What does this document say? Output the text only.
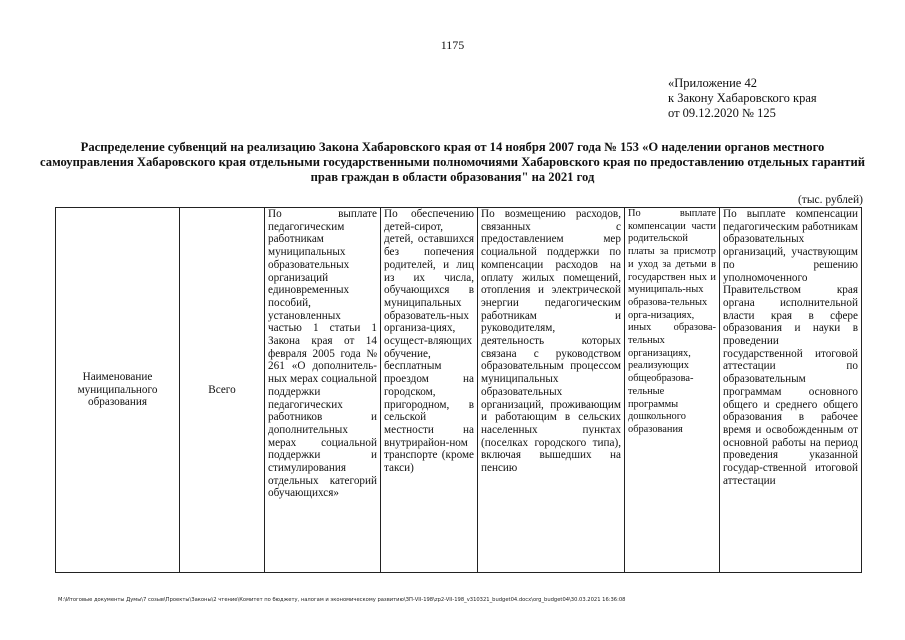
1175
«Приложение 42
к Закону Хабаровского края
от 09.12.2020 № 125
Распределение субвенций на реализацию Закона Хабаровского края от 14 ноября 2007 года № 153 «О наделении органов местного самоуправления Хабаровского края отдельными государственными полномочиями Хабаровского края по предоставлению отдельных гарантий прав граждан в области образования" на 2021 год
(тыс. рублей)
Наименование муниципального образования	Всего	По выплате педагогическим работникам муниципальных образовательных организаций единовременных пособий, установленных частью 1 статьи 1 Закона края от 14 февраля 2005 года № 261 «О дополнитель-ных мерах социальной поддержки педагогических работников и дополнительных мерах социальной поддержки и стимулирования отдельных категорий обучающихся»	По обеспечению детей-сирот, детей, оставшихся без попечения родителей, и лиц из их числа, обучающихся в муниципальных образователь-ных организа-циях, осущест-вляющих обучение, бесплатным проездом на городском, пригородном, в сельской местности на внутрирайон-ном транспорте (кроме такси)	По возмещению расходов, связанных с предоставлением мер социальной поддержки по компенсации расходов на оплату жилых помещений, отопления и электрической энергии педагогическим работникам и руководителям, деятельность которых связана с руководством образовательным процессом муниципальных образовательных организаций, проживающим и работающим в сельских населенных пунктах (поселках городского типа), включая вышедших на пенсию	По выплате компенсации части родительской платы за присмотр и уход за детьми в государствен ных и муниципаль-ных образова-тельных орга-низациях, иных образова-тельных организациях, реализующих общеобразова-тельные программы дошкольного образования	По выплате компенсации педагогическим работникам образовательных организаций, участвующим по решению уполномоченного Правительством края органа исполнительной власти края в сфере образования и науки в проведении государственной итоговой аттестации по образовательным программам основного общего и среднего общего образования в рабочее время и освобожденным от основной работы на период проведения указанной государ-ственной итоговой аттестации
M:\Итоговые документы Думы\7 созыв\Проекты\Законы\2 чтение\Комитет по бюджету, налогам и экономическому развитию\ЗП-VII-198\zp2-VII-198_v310321_budget04.docx\org_budget04\30.03.2021 16:36:08
